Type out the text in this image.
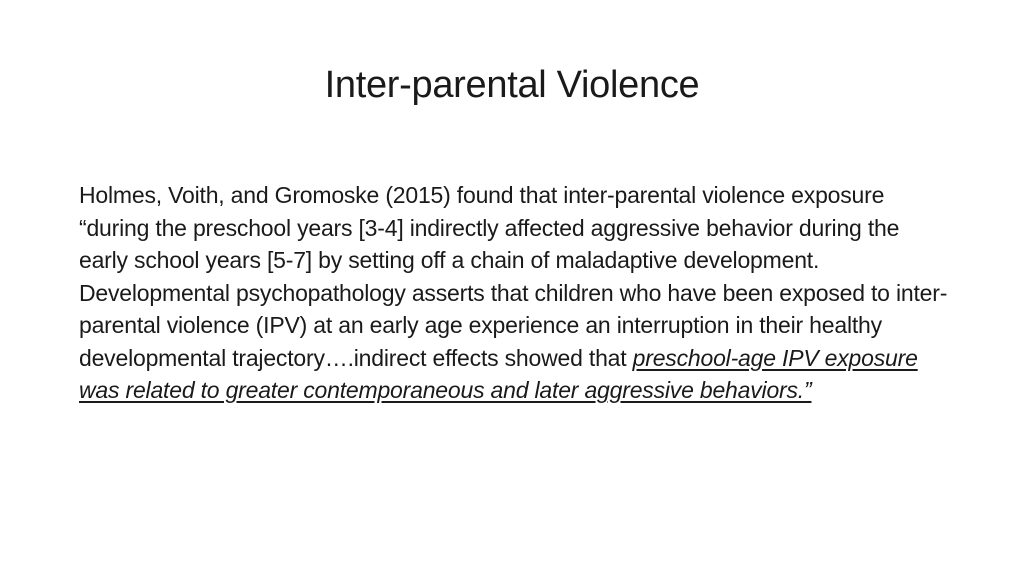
Inter-parental Violence

Holmes, Voith, and Gromoske (2015) found that inter-parental violence exposure “during the preschool years [3-4] indirectly affected aggressive behavior during the early school years [5-7] by setting off a chain of maladaptive development. Developmental psychopathology asserts that children who have been exposed to inter-parental violence (IPV) at an early age experience an interruption in their healthy developmental trajectory….indirect effects showed that preschool-age IPV exposure was related to greater contemporaneous and later aggressive behaviors.”
